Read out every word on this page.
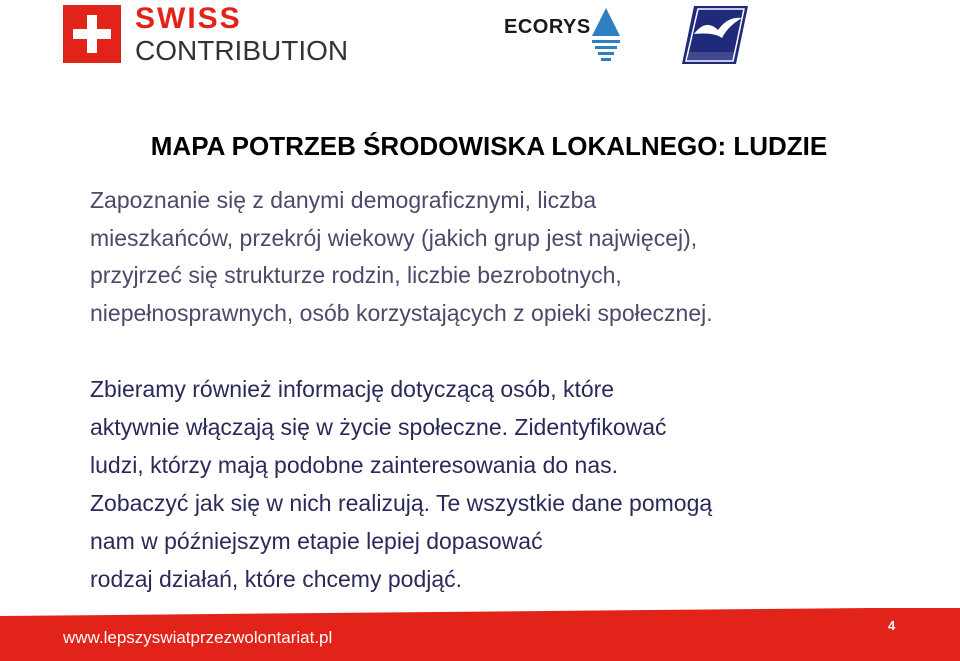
SWISS
CONTRIBUTION
ECORYS
MAPA POTRZEB ŚRODOWISKA LOKALNEGO: LUDZIE
Zapoznanie się z danymi demograficznymi, liczba
mieszkańców, przekrój wiekowy (jakich grup jest najwięcej),
przyjrzeć się strukturze rodzin, liczbie bezrobotnych,
niepełnosprawnych, osób korzystających z opieki społecznej.
Zbieramy również informację dotyczącą osób, które
aktywnie włączają się w życie społeczne. Zidentyfikować
ludzi, którzy mają podobne zainteresowania do nas.
Zobaczyć jak się w nich realizują. Te wszystkie dane pomogą
nam w późniejszym etapie lepiej dopasować
rodzaj działań, które chcemy podjąć.
www.lepszyswiatprzezwolontariat.pl
4
